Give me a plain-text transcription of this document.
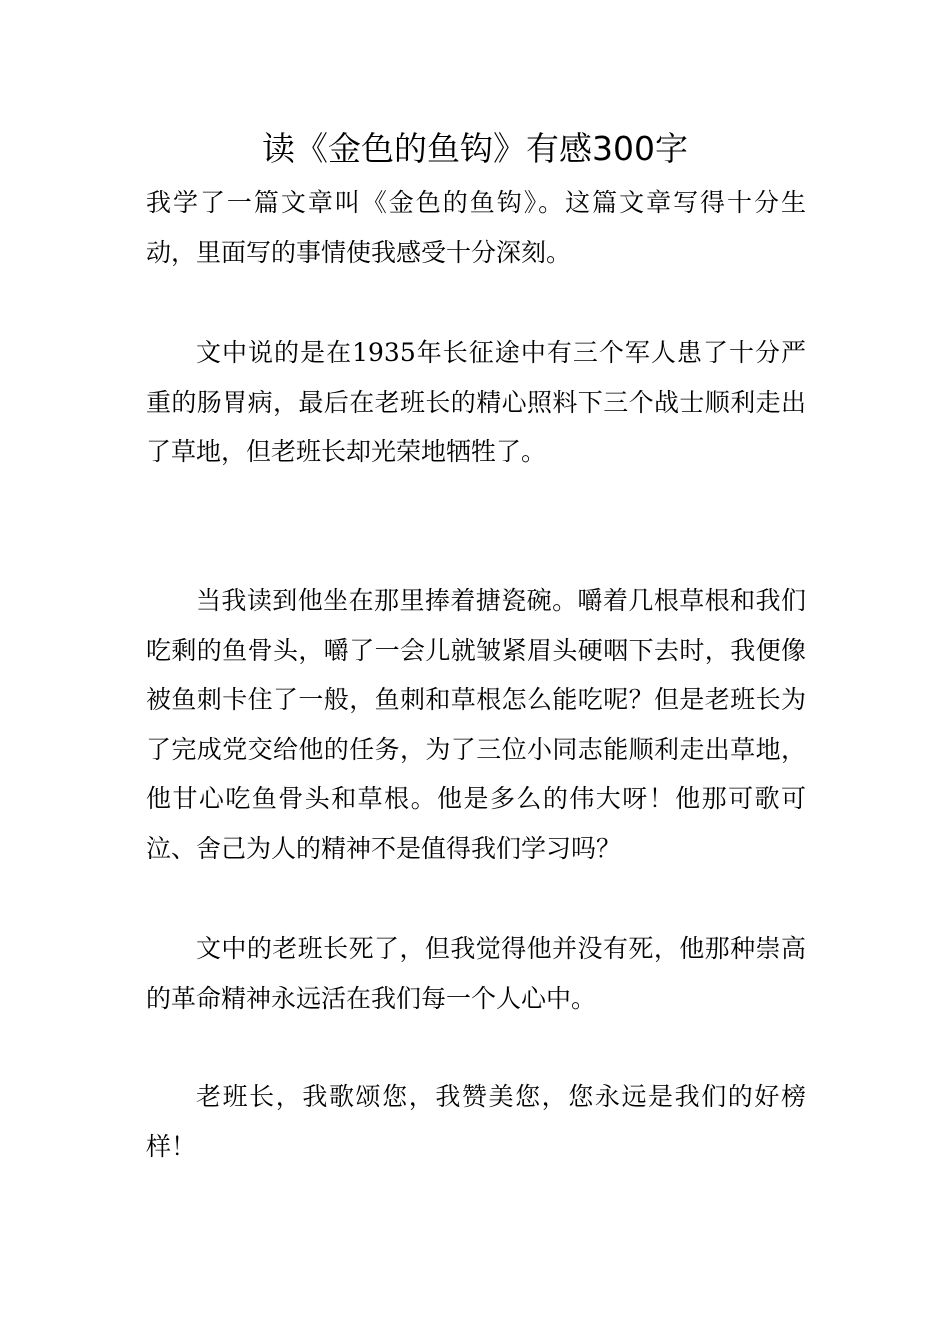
读《金色的鱼钩》有感300字

我学了一篇文章叫《金色的鱼钩》。这篇文章写得十分生动，里面写的事情使我感受十分深刻。

文中说的是在1935年长征途中有三个军人患了十分严重的肠胃病，最后在老班长的精心照料下三个战士顺利走出了草地，但老班长却光荣地牺牲了。

当我读到他坐在那里捧着搪瓷碗。嚼着几根草根和我们吃剩的鱼骨头，嚼了一会儿就皱紧眉头硬咽下去时，我便像被鱼刺卡住了一般，鱼刺和草根怎么能吃呢？但是老班长为了完成党交给他的任务，为了三位小同志能顺利走出草地，他甘心吃鱼骨头和草根。他是多么的伟大呀！他那可歌可泣、舍己为人的精神不是值得我们学习吗？

文中的老班长死了，但我觉得他并没有死，他那种崇高的革命精神永远活在我们每一个人心中。

老班长，我歌颂您，我赞美您，您永远是我们的好榜样！
